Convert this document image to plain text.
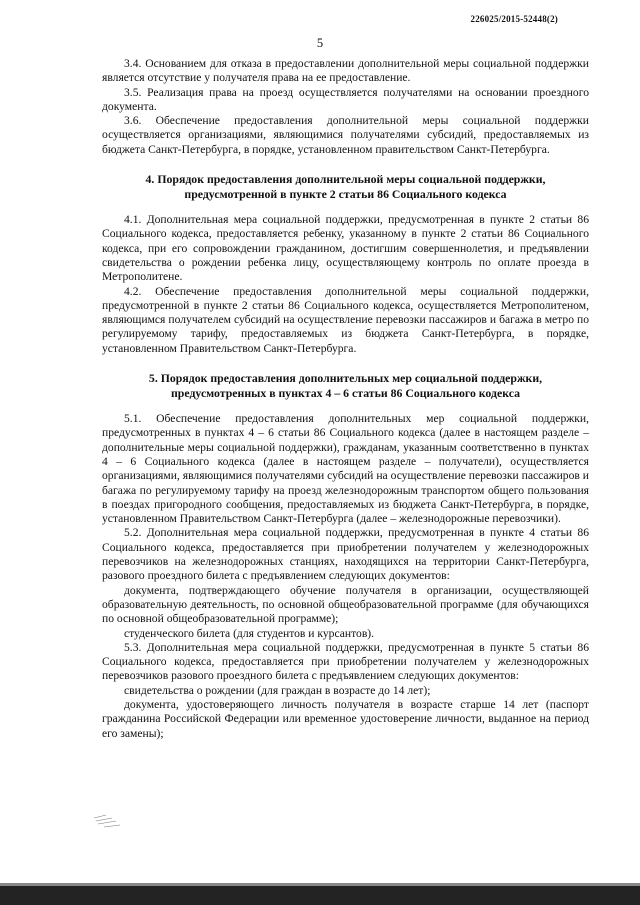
226025/2015-52448(2)
5

3.4. Основанием для отказа в предоставлении дополнительной меры социальной поддержки является отсутствие у получателя права на ее предоставление.

3.5. Реализация права на проезд осуществляется получателями на основании проездного документа.

3.6. Обеспечение предоставления дополнительной меры социальной поддержки осуществляется организациями, являющимися получателями субсидий, предоставляемых из бюджета Санкт-Петербурга, в порядке, установленном правительством Санкт-Петербурга.

4. Порядок предоставления дополнительной меры социальной поддержки, предусмотренной в пункте 2 статьи 86 Социального кодекса

4.1. Дополнительная мера социальной поддержки, предусмотренная в пункте 2 статьи 86 Социального кодекса, предоставляется ребенку, указанному в пункте 2 статьи 86 Социального кодекса, при его сопровождении гражданином, достигшим совершеннолетия, и предъявлении свидетельства о рождении ребенка лицу, осуществляющему контроль по оплате проезда в Метрополитене.

4.2. Обеспечение предоставления дополнительной меры социальной поддержки, предусмотренной в пункте 2 статьи 86 Социального кодекса, осуществляется Метрополитеном, являющимся получателем субсидий на осуществление перевозки пассажиров и багажа в метро по регулируемому тарифу, предоставляемых из бюджета Санкт-Петербурга, в порядке, установленном Правительством Санкт-Петербурга.

5. Порядок предоставления дополнительных мер социальной поддержки, предусмотренных в пунктах 4 – 6 статьи 86 Социального кодекса

5.1. Обеспечение предоставления дополнительных мер социальной поддержки, предусмотренных в пунктах 4 – 6 статьи 86 Социального кодекса (далее в настоящем разделе – дополнительные меры социальной поддержки), гражданам, указанным соответственно в пунктах 4 – 6 Социального кодекса (далее в настоящем разделе – получатели), осуществляется организациями, являющимися получателями субсидий на осуществление перевозки пассажиров и багажа по регулируемому тарифу на проезд железнодорожным транспортом общего пользования в поездах пригородного сообщения, предоставляемых из бюджета Санкт-Петербурга, в порядке, установленном Правительством Санкт-Петербурга (далее – железнодорожные перевозчики).

5.2. Дополнительная мера социальной поддержки, предусмотренная в пункте 4 статьи 86 Социального кодекса, предоставляется при приобретении получателем у железнодорожных перевозчиков на железнодорожных станциях, находящихся на территории Санкт-Петербурга, разового проездного билета с предъявлением следующих документов:

документа, подтверждающего обучение получателя в организации, осуществляющей образовательную деятельность, по основной общеобразовательной программе (для обучающихся по основной общеобразовательной программе);

студенческого билета (для студентов и курсантов).

5.3. Дополнительная мера социальной поддержки, предусмотренная в пункте 5 статьи 86 Социального кодекса, предоставляется при приобретении получателем у железнодорожных перевозчиков разового проездного билета с предъявлением следующих документов:

свидетельства о рождении (для граждан в возрасте до 14 лет);

документа, удостоверяющего личность получателя в возрасте старше 14 лет (паспорт гражданина Российской Федерации или временное удостоверение личности, выданное на период его замены);
